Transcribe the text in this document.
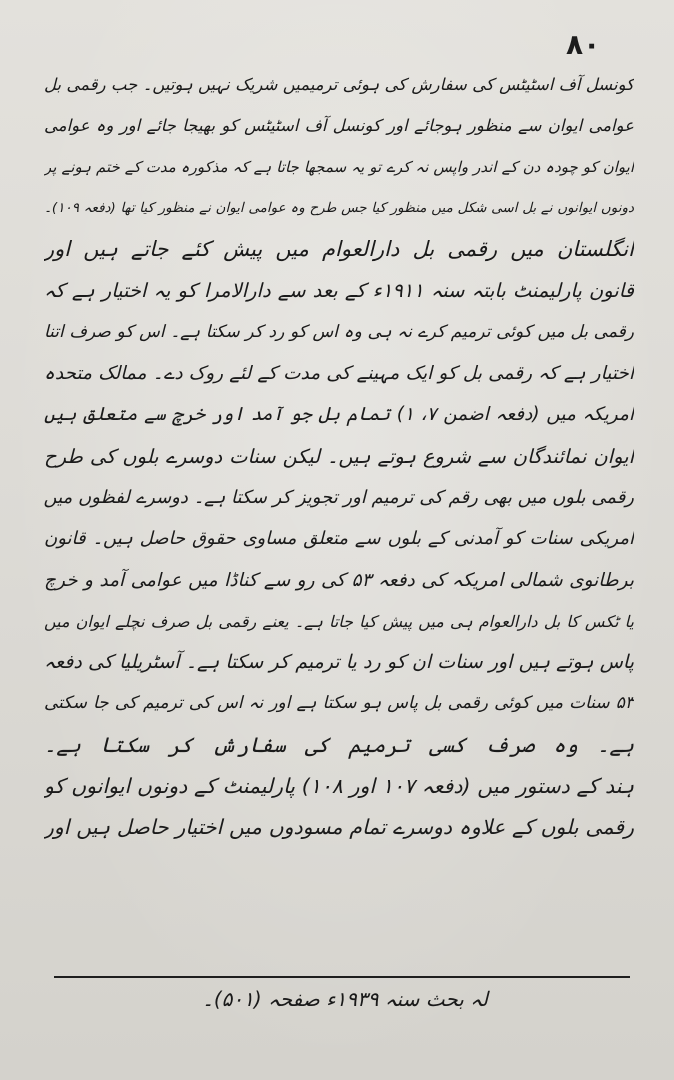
۸۰
کونسل آف اسٹیٹس کی سفارش کی ہوئی ترمیمیں شریک نہیں ہوتیں۔ جب رقمی بل
عوامی ایوان سے منظور ہوجائے اور کونسل آف اسٹیٹس کو بھیجا جائے اور وہ عوامی
ایوان کو چودہ دن کے اندر واپس نہ کرے تو یہ سمجھا جاتا ہے کہ مذکورہ مدت کے ختم ہونے پر
دونوں ایوانوں نے بل اسی شکل میں منظور کیا جس طرح وہ عوامی ایوان نے منظور کیا تھا (دفعہ ۱۰۹)۔
انگلستان میں رقمی بل دارالعوام میں پیش کئے جاتے ہیں اور
قانون پارلیمنٹ بابتہ سنہ ۱۹۱۱ء کے بعد سے دارالامرا کو یہ اختیار ہے کہ
رقمی بل میں کوئی ترمیم کرے نہ ہی وہ اس کو رد کر سکتا ہے۔ اس کو صرف اتنا
اختیار ہے کہ رقمی بل کو ایک مہینے کی مدت کے لئے روک دے۔ ممالک متحدہ
امریکہ میں (دفعہ اضمن ۷، ۱) تمام بل جو آمد اور خرچ سے متعلق ہیں
ایوان نمائندگان سے شروع ہوتے ہیں۔ لیکن سنات دوسرے بلوں کی طرح
رقمی بلوں میں بھی رقم کی ترمیم اور تجویز کر سکتا ہے۔ دوسرے لفظوں میں
امریکی سنات کو آمدنی کے بلوں سے متعلق مساوی حقوق حاصل ہیں۔ قانون
برطانوی شمالی امریکہ کی دفعہ ۵۳ کی رو سے کناڈا میں عوامی آمد و خرچ
یا ٹکس کا بل دارالعوام ہی میں پیش کیا جاتا ہے۔ یعنے رقمی بل صرف نچلے ایوان میں
پاس ہوتے ہیں اور سنات ان کو رد یا ترمیم کر سکتا ہے۔ آسٹریلیا کی دفعہ
۵۳ سنات میں کوئی رقمی بل پاس ہو سکتا ہے اور نہ اس کی ترمیم کی جا سکتی
ہے۔ وہ صرف کسی ترمیم کی سفارش کر سکتا ہے۔
ہند کے دستور میں (دفعہ ۱۰۷ اور ۱۰۸) پارلیمنٹ کے دونوں ایوانوں کو
رقمی بلوں کے علاوہ دوسرے تمام مسودوں میں اختیار حاصل ہیں اور
لہ بحث سنہ ۱۹۳۹ء صفحہ (۵۰۱)۔
